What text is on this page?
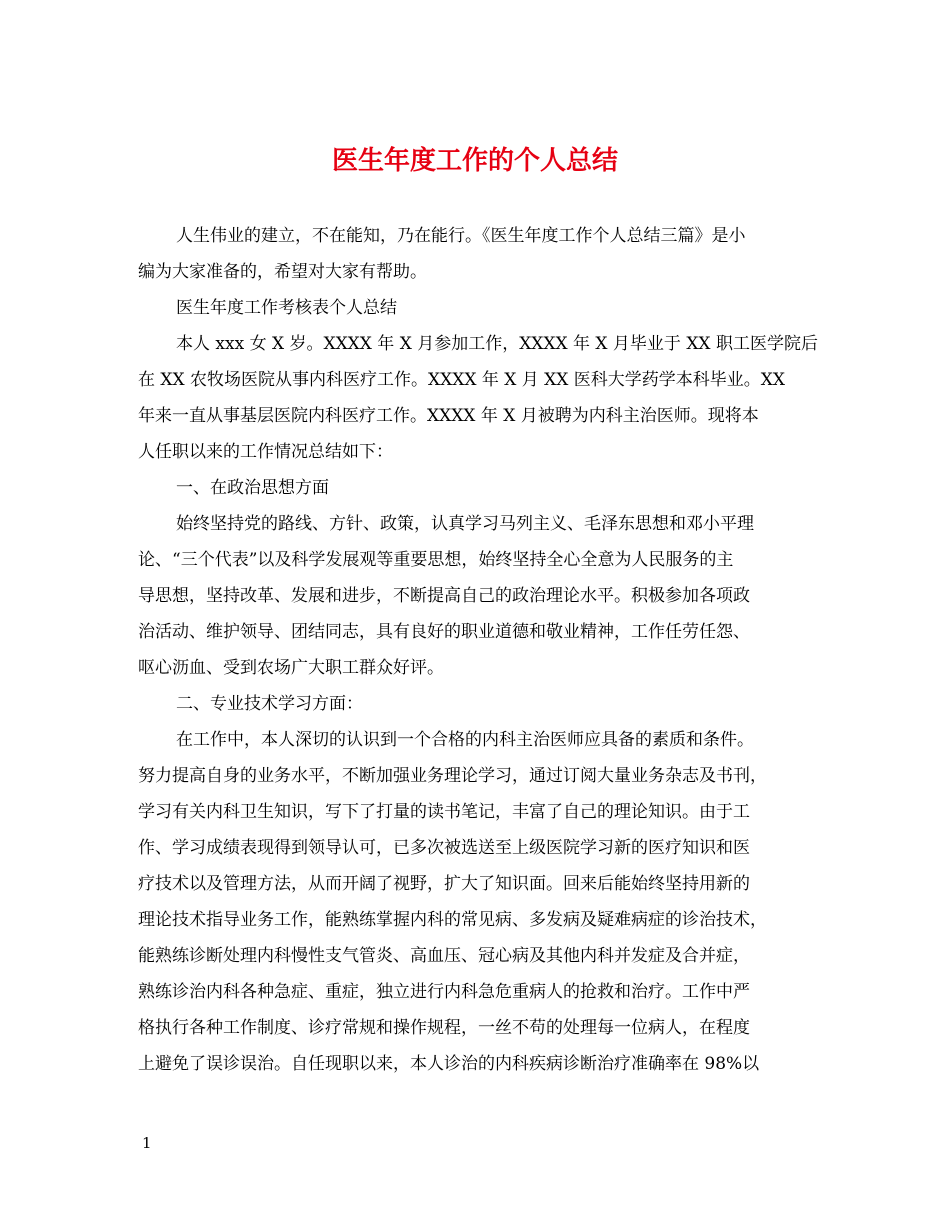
医生年度工作的个人总结
人生伟业的建立，不在能知，乃在能行。《医生年度工作个人总结三篇》是小
编为大家准备的，希望对大家有帮助。
医生年度工作考核表个人总结
本人 xxx 女 X 岁。XXXX 年 X 月参加工作，XXXX 年 X 月毕业于 XX 职工医学院后
在 XX 农牧场医院从事内科医疗工作。XXXX 年 X 月 XX 医科大学药学本科毕业。XX
年来一直从事基层医院内科医疗工作。XXXX 年 X 月被聘为内科主治医师。现将本
人任职以来的工作情况总结如下：
一、在政治思想方面
始终坚持党的路线、方针、政策，认真学习马列主义、毛泽东思想和邓小平理
论、“三个代表”以及科学发展观等重要思想，始终坚持全心全意为人民服务的主
导思想，坚持改革、发展和进步，不断提高自己的政治理论水平。积极参加各项政
治活动、维护领导、团结同志，具有良好的职业道德和敬业精神，工作任劳任怨、
呕心沥血、受到农场广大职工群众好评。
二、专业技术学习方面：
在工作中，本人深切的认识到一个合格的内科主治医师应具备的素质和条件。
努力提高自身的业务水平，不断加强业务理论学习，通过订阅大量业务杂志及书刊，
学习有关内科卫生知识，写下了打量的读书笔记，丰富了自己的理论知识。由于工
作、学习成绩表现得到领导认可，已多次被选送至上级医院学习新的医疗知识和医
疗技术以及管理方法，从而开阔了视野，扩大了知识面。回来后能始终坚持用新的
理论技术指导业务工作，能熟练掌握内科的常见病、多发病及疑难病症的诊治技术，
能熟练诊断处理内科慢性支气管炎、高血压、冠心病及其他内科并发症及合并症，
熟练诊治内科各种急症、重症，独立进行内科急危重病人的抢救和治疗。工作中严
格执行各种工作制度、诊疗常规和操作规程，一丝不苟的处理每一位病人，在程度
上避免了误诊误治。自任现职以来，本人诊治的内科疾病诊断治疗准确率在 98%以
1
